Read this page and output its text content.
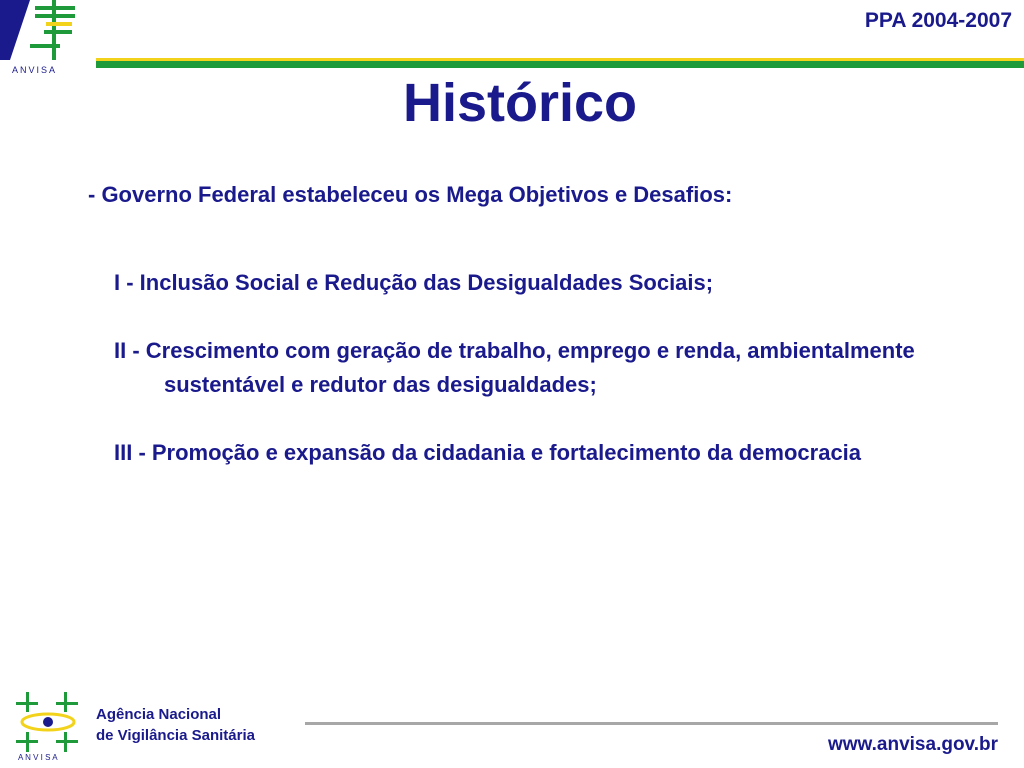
ANVISA
PPA 2004-2007
Histórico
- Governo Federal estabeleceu os Mega Objetivos e Desafios:
I - Inclusão Social e Redução das Desigualdades Sociais;
II - Crescimento com geração de trabalho, emprego e renda, ambientalmente sustentável e redutor das desigualdades;
III - Promoção e expansão da cidadania e fortalecimento da democracia
A N V I S A
Agência Nacional
de Vigilância Sanitária	www.anvisa.gov.br
